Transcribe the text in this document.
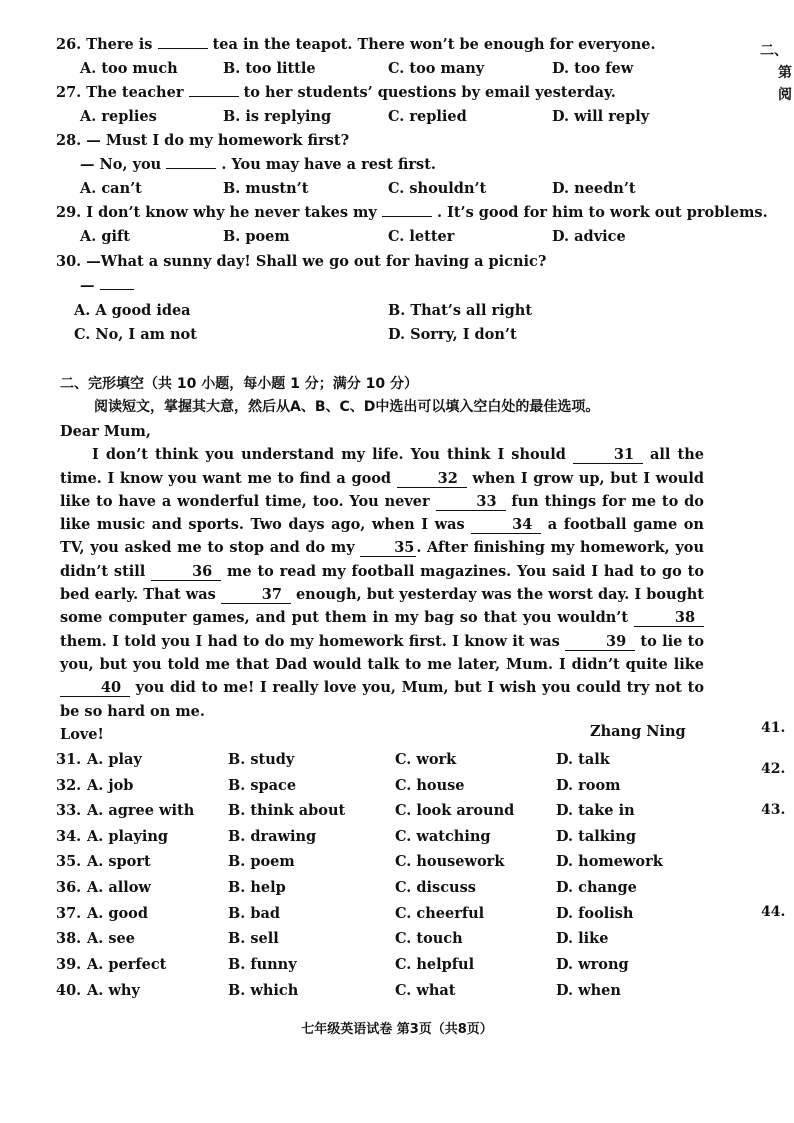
26. There is	tea in the teapot. There won’t be enough for everyone.
A. too much	B. too little	C. too many	D. too few
27. The teacher	to her students’ questions by email yesterday.
A. replies	B. is replying	C. replied	D. will reply
28. — Must I do my homework first?
— No, you	. You may have a rest first.
A. can’t	B. mustn’t	C. shouldn’t	D. needn’t
29. I don’t know why he never takes my	. It’s good for him to work out problems.
A. gift	B. poem	C. letter	D. advice
30. —What a sunny day! Shall we go out for having a picnic?
—
A. A good idea	B. That’s all right
C. No, I am not	D. Sorry, I don’t
二、完形填空（共 10 小题，每小题 1 分；满分 10 分）
阅读短文，掌握其大意，然后从A、B、C、D中选出可以填入空白处的最佳选项。
Dear Mum,

I don’t think you understand my life. You think I should	31 all the time. I know you want me to find a good	32 when I grow up, but I would like to have a wonderful time, too. You never	33 fun things for me to do like music and sports. Two days ago, when I was	34 a football game on TV, you asked me to stop and do my	35 . After finishing my homework, you didn’t still	36 me to read my football magazines. You said I had to go to bed early. That was	37 enough, but yesterday was the worst day. I bought some computer games, and put them in my bag so that you wouldn’t	38 them. I told you I had to do my homework first. I know it was	39 to lie to you, but you told me that Dad would talk to me later, Mum. I didn’t quite like 40 you did to me! I really love you, Mum, but I wish you could try not to be so hard on me.

Love!	Zhang Ning
31. A. play	B. study	C. work	D. talk
32. A. job	B. space	C. house	D. room
33. A. agree with B. think about	C. look around	D. take in
34. A. playing	B. drawing	C. watching	D. talking
35. A. sport	B. poem	C. housework	D. homework
36. A. allow	B. help	C. discuss	D. change
37. A. good	B. bad	C. cheerful	D. foolish
38. A. see	B. sell	C. touch	D. like
39. A. perfect	B. funny	C. helpful	D. wrong
40. A. why	B. which	C. what	D. when
二、
第
阅
41.
42.
43.
44.
七年级英语试卷 第3页（共8页）
